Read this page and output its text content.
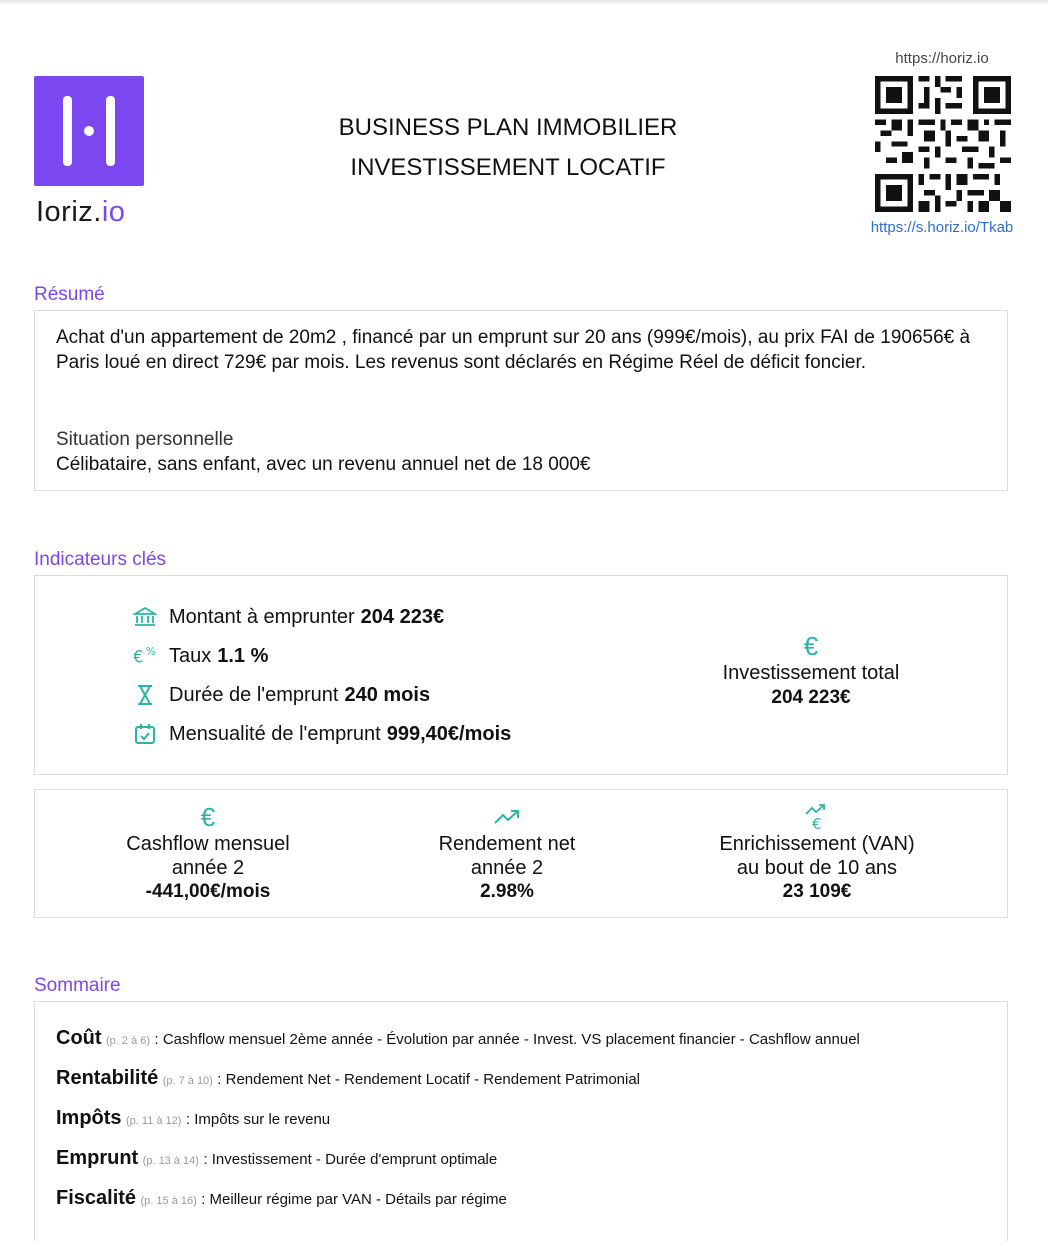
Ioriz.io
BUSINESS PLAN IMMOBILIER
INVESTISSEMENT LOCATIF
https://horiz.io
https://s.horiz.io/Tkab
Résumé
Achat d'un appartement de 20m2 , financé par un emprunt sur 20 ans (999€/mois), au prix FAI de 190656€ à Paris loué en direct 729€ par mois. Les revenus sont déclarés en Régime Réel de déficit foncier.
Situation personnelle
Célibataire, sans enfant, avec un revenu annuel net de 18 000€
Indicateurs clés
Montant à emprunter 204 223€
€ % Taux 1.1 %
Durée de l'emprunt 240 mois
Mensualité de l'emprunt 999,40€/mois
€
Investissement total
204 223€
€
Cashflow mensuel
année 2
-441,00€/mois
Rendement net
année 2
2.98%
€
Enrichissement (VAN)
au bout de 10 ans
23 109€
Sommaire
Coût (p. 2 à 6) : Cashflow mensuel 2ème année - Évolution par année - Invest. VS placement financier - Cashflow annuel
Rentabilité (p. 7 à 10) : Rendement Net - Rendement Locatif - Rendement Patrimonial
Impôts (p. 11 à 12) : Impôts sur le revenu
Emprunt (p. 13 à 14) : Investissement - Durée d'emprunt optimale
Fiscalité (p. 15 à 16) : Meilleur régime par VAN - Détails par régime
